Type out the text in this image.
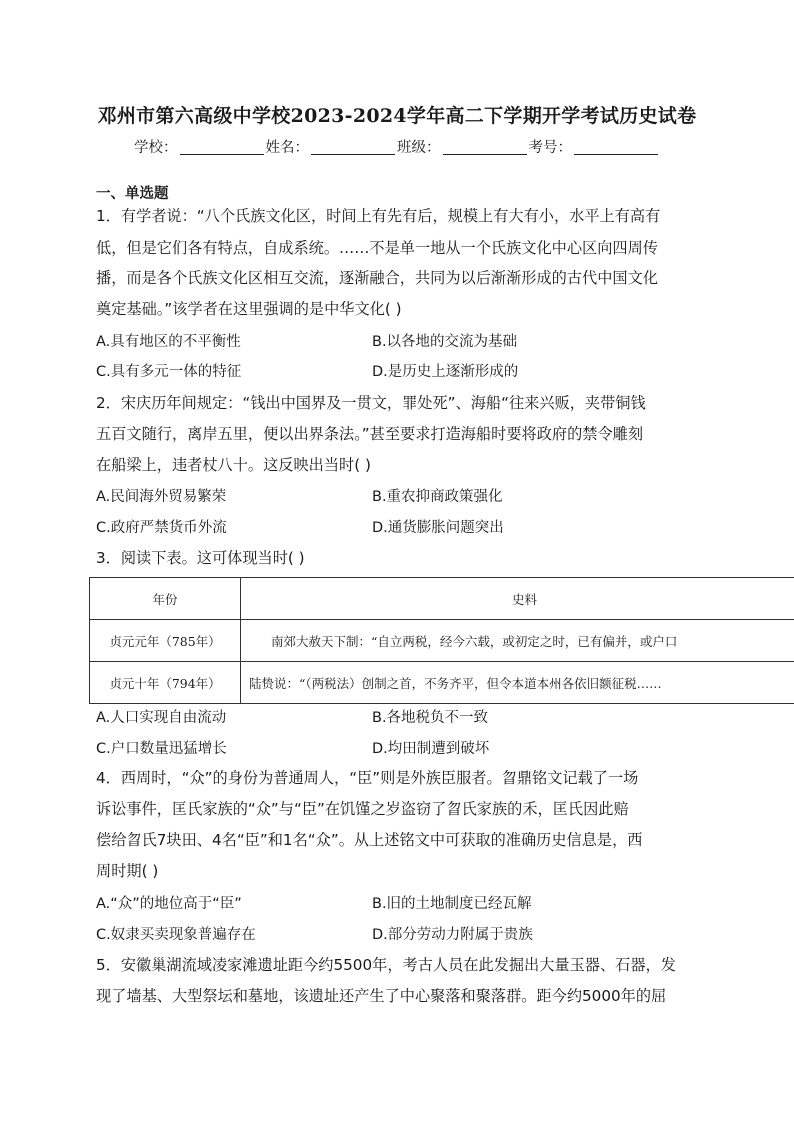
邓州市第六高级中学校2023-2024学年高二下学期开学考试历史试卷
学校：	姓名：	班级：	考号：
一、单选题
1．有学者说：“八个氏族文化区，时间上有先有后，规模上有大有小，水平上有高有
低，但是它们各有特点，自成系统。……不是单一地从一个氏族文化中心区向四周传
播，而是各个氏族文化区相互交流，逐渐融合，共同为以后渐渐形成的古代中国文化
奠定基础。”该学者在这里强调的是中华文化( )
A.具有地区的不平衡性	B.以各地的交流为基础
C.具有多元一体的特征	D.是历史上逐渐形成的
2．宋庆历年间规定：“钱出中国界及一贯文，罪处死”、海船“往来兴贩，夹带铜钱
五百文随行，离岸五里，便以出界条法。”甚至要求打造海船时要将政府的禁令雕刻
在船梁上，违者杖八十。这反映出当时( )
A.民间海外贸易繁荣	B.重农抑商政策强化
C.政府严禁货币外流	D.通货膨胀问题突出
3．阅读下表。这可体现当时( )
年份	史料
贞元元年（785年）	南郊大赦天下制：“自立两税，经今六载，或初定之时，已有偏并，或户口
贞元十年（794年）	陆贽说：“（两税法）创制之首，不务齐平，但令本道本州各依旧额征税……
A.人口实现自由流动	B.各地税负不一致
C.户口数量迅猛增长	D.均田制遭到破坏
4．西周时，“众”的身份为普通周人，“臣”则是外族臣服者。曶鼎铭文记载了一场
诉讼事件，匡氏家族的“众”与“臣”在饥馑之岁盗窃了曶氏家族的禾，匡氏因此赔
偿给曶氏7块田、4名“臣”和1名“众”。从上述铭文中可获取的准确历史信息是，西
周时期( )
A.“众”的地位高于“臣”	B.旧的土地制度已经瓦解
C.奴隶买卖现象普遍存在	D.部分劳动力附属于贵族
5．安徽巢湖流域凌家滩遗址距今约5500年，考古人员在此发掘出大量玉器、石器，发
现了墙基、大型祭坛和墓地，该遗址还产生了中心聚落和聚落群。距今约5000年的屈
